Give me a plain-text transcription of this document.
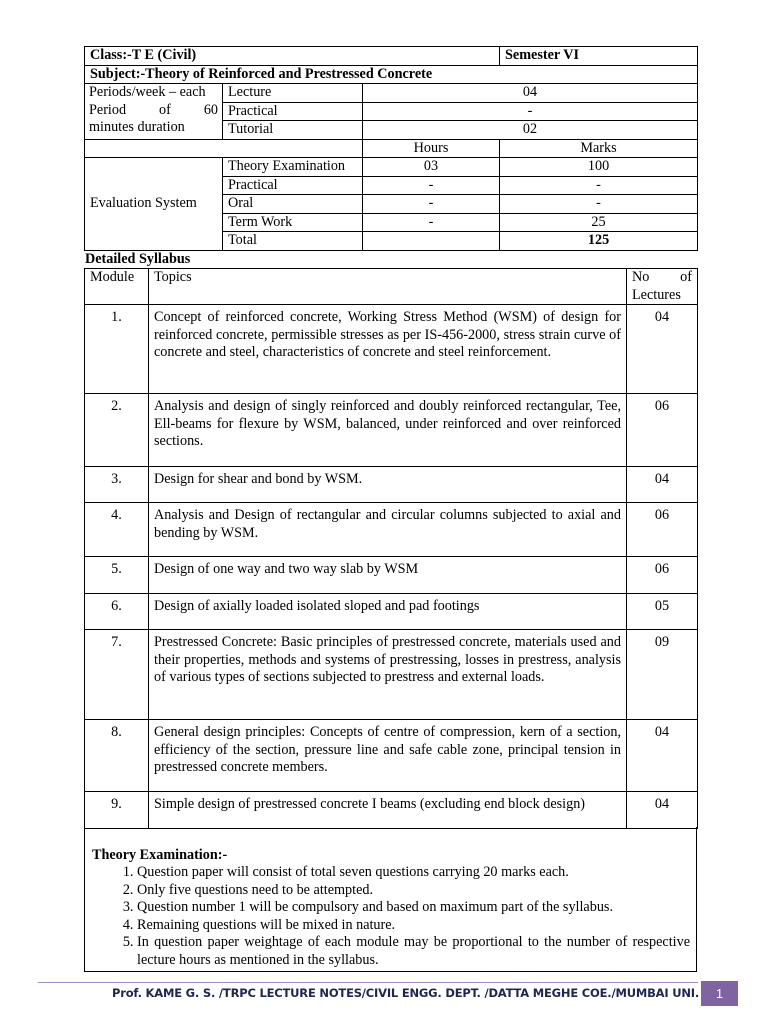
Class:-T E (Civil)			Semester VI
Subject:-Theory of Reinforced and Prestressed Concrete			

Periods/week – each
Period of 60
minutes duration	Lecture	04	
	Practical	-	
	Tutorial	02	
		Hours	Marks
Evaluation System	Theory Examination	03	100
	Practical	-	-
	Oral	-	-
	Term Work	-	25
	Total		125
Detailed Syllabus
Module	Topics	No of
Lectures

1.	Concept of reinforced concrete, Working Stress Method (WSM) of design for reinforced concrete, permissible stresses as per IS-456-2000, stress strain curve of concrete and steel, characteristics of concrete and steel reinforcement.	04
2.	Analysis and design of singly reinforced and doubly reinforced rectangular, Tee, Ell-beams for flexure by WSM, balanced, under reinforced and over reinforced sections.	06
3.	Design for shear and bond by WSM.	04
4.	Analysis and Design of rectangular and circular columns subjected to axial and bending by WSM.	06
5.	Design of one way and two way slab by WSM	06
6.	Design of axially loaded isolated sloped and pad footings	05
7.	Prestressed Concrete: Basic principles of prestressed concrete, materials used and their properties, methods and systems of prestressing, losses in prestress, analysis of various types of sections subjected to prestress and external loads.	09
8.	General design principles: Concepts of centre of compression, kern of a section, efficiency of the section, pressure line and safe cable zone, principal tension in prestressed concrete members.	04
9.	Simple design of prestressed concrete I beams (excluding end block design)	04
Theory Examination:-
1. Question paper will consist of total seven questions carrying 20 marks each.
2. Only five questions need to be attempted.
3. Question number 1 will be compulsory and based on maximum part of the syllabus.
4. Remaining questions will be mixed in nature.
5. In question paper weightage of each module may be proportional to the number of respective lecture hours as mentioned in the syllabus.
Prof. KAME G. S. /TRPC LECTURE NOTES/CIVIL ENGG. DEPT. /DATTA MEGHE COE./MUMBAI UNI.	1
